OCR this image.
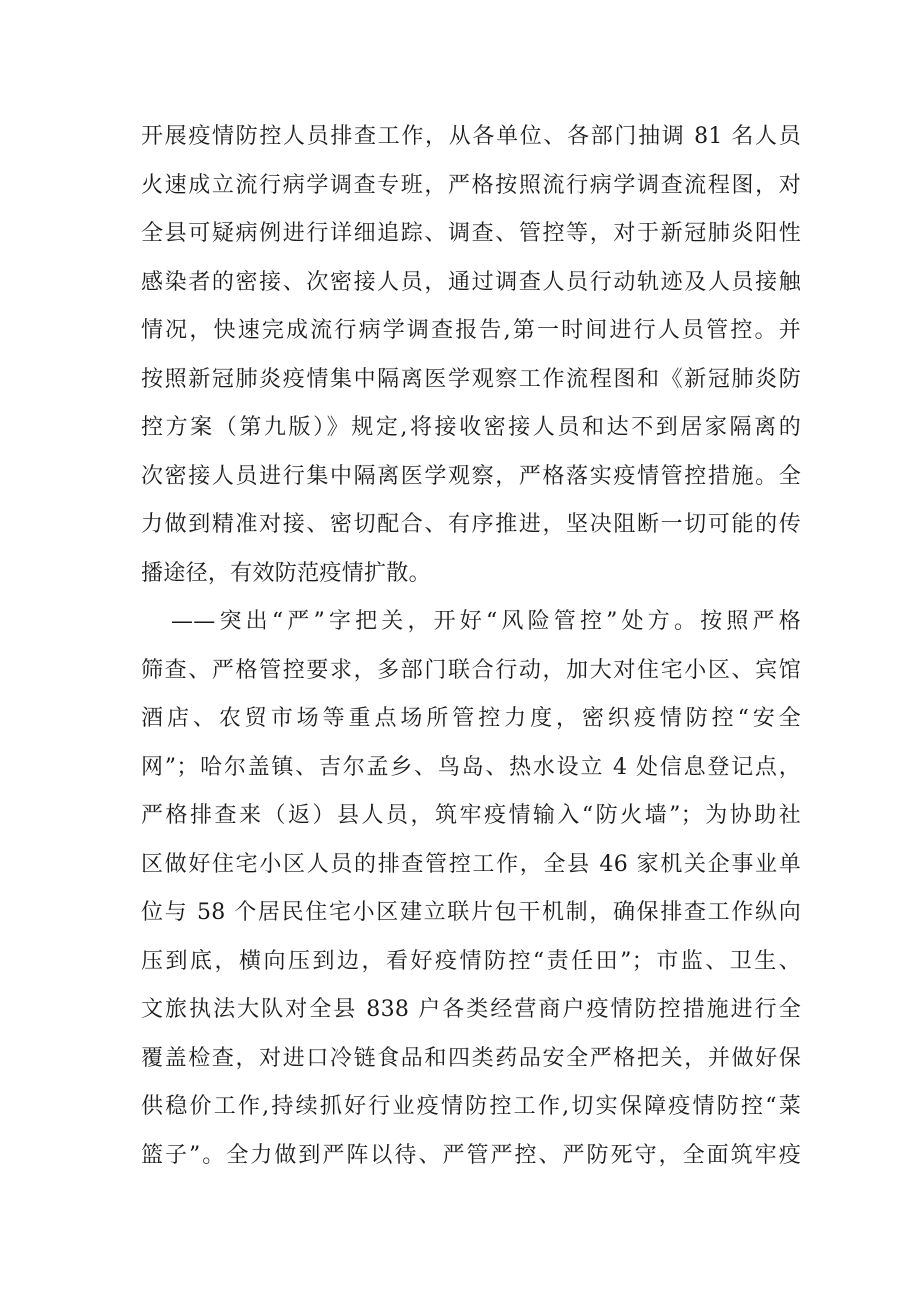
开展疫情防控人员排查工作，从各单位、各部门抽调 81 名人员
火速成立流行病学调查专班，严格按照流行病学调查流程图，对
全县可疑病例进行详细追踪、调查、管控等，对于新冠肺炎阳性
感染者的密接、次密接人员，通过调查人员行动轨迹及人员接触
情况，快速完成流行病学调查报告,第一时间进行人员管控。并
按照新冠肺炎疫情集中隔离医学观察工作流程图和《新冠肺炎防
控方案（第九版）》规定,将接收密接人员和达不到居家隔离的
次密接人员进行集中隔离医学观察，严格落实疫情管控措施。全
力做到精准对接、密切配合、有序推进，坚决阻断一切可能的传
播途径，有效防范疫情扩散。
——突出“严”字把关，开好“风险管控”处方。按照严格
筛查、严格管控要求，多部门联合行动，加大对住宅小区、宾馆
酒店、农贸市场等重点场所管控力度，密织疫情防控“安全
网”；哈尔盖镇、吉尔孟乡、鸟岛、热水设立 4 处信息登记点，
严格排查来（返）县人员，筑牢疫情输入“防火墙”；为协助社
区做好住宅小区人员的排查管控工作，全县 46 家机关企事业单
位与 58 个居民住宅小区建立联片包干机制，确保排查工作纵向
压到底，横向压到边，看好疫情防控“责任田”；市监、卫生、
文旅执法大队对全县 838 户各类经营商户疫情防控措施进行全
覆盖检查，对进口冷链食品和四类药品安全严格把关，并做好保
供稳价工作,持续抓好行业疫情防控工作,切实保障疫情防控“菜
篮子”。全力做到严阵以待、严管严控、严防死守，全面筑牢疫
